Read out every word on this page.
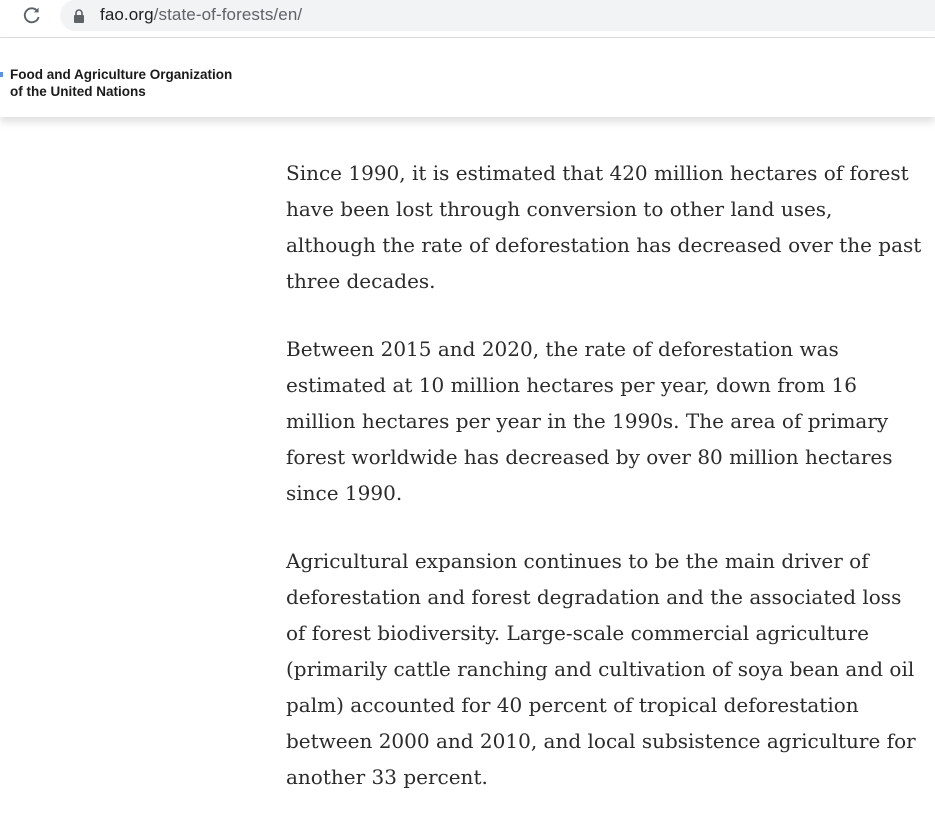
fao.org/state-of-forests/en/
Food and Agriculture Organization
of the United Nations

Since 1990, it is estimated that 420 million hectares of forest have been lost through conversion to other land uses, although the rate of deforestation has decreased over the past three decades.

Between 2015 and 2020, the rate of deforestation was estimated at 10 million hectares per year, down from 16 million hectares per year in the 1990s. The area of primary forest worldwide has decreased by over 80 million hectares since 1990.

Agricultural expansion continues to be the main driver of deforestation and forest degradation and the associated loss of forest biodiversity. Large-scale commercial agriculture (primarily cattle ranching and cultivation of soya bean and oil palm) accounted for 40 percent of tropical deforestation between 2000 and 2010, and local subsistence agriculture for another 33 percent.
